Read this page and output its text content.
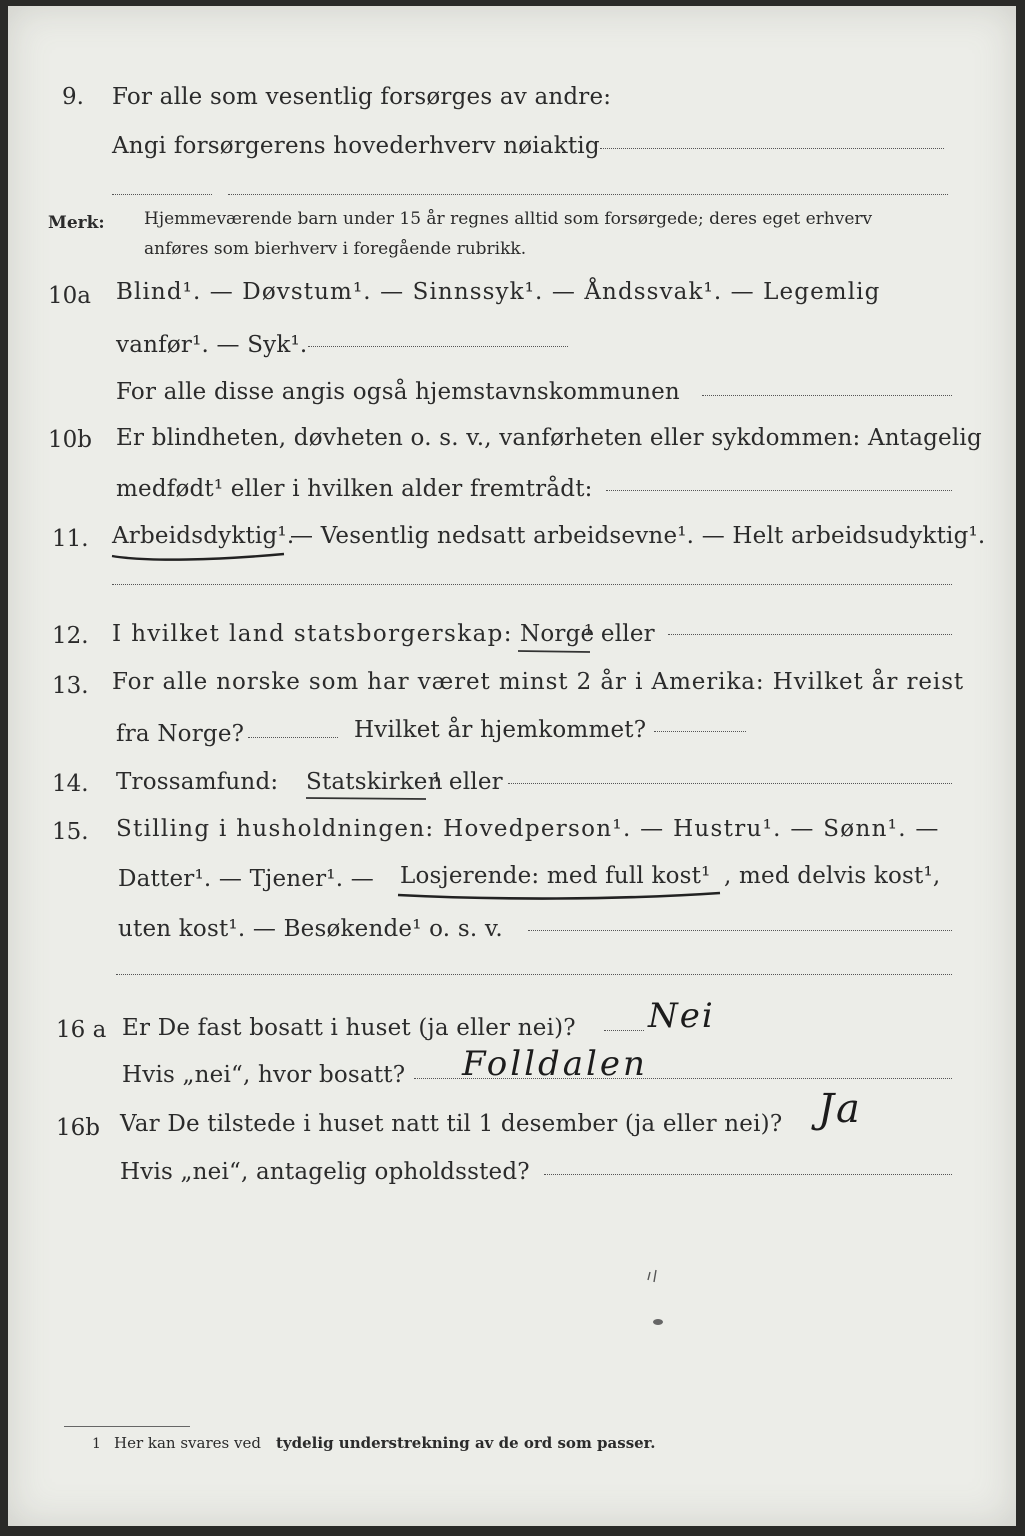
9. For alle som vesentlig forsørges av andre:
Angi forsørgerens hovederhverv nøiaktig
Merk: Hjemmeværende barn under 15 år regnes alltid som forsørgede; deres eget erhverv
anføres som bierhverv i foregående rubrikk.
10a Blind¹. — Døvstum¹. — Sinnssyk¹. — Åndssvak¹. — Legemlig
vanfør¹. — Syk¹.
For alle disse angis også hjemstavnskommunen
10b Er blindheten, døvheten o. s. v., vanførheten eller sykdommen: Antagelig
medfødt¹ eller i hvilken alder fremtrådt:
11. Arbeidsdyktig¹.
— Vesentlig nedsatt arbeidsevne¹. — Helt arbeidsudyktig¹.
12. I hvilket land statsborgerskap: Norge
¹ eller
13. For alle norske som har været minst 2 år i Amerika: Hvilket år reist
fra Norge?	Hvilket år hjemkommet?
14. Trossamfund: Statskirken
¹ eller
15. Stilling i husholdningen: Hovedperson¹. — Hustru¹. — Sønn¹. —
Datter¹. — Tjener¹. — Losjerende: med full kost¹ , med delvis kost¹,
uten kost¹. — Besøkende¹ o. s. v.
16 a Er De fast bosatt i huset (ja eller nei)? Nei
Hvis „nei“, hvor bosatt? Folldalen
16b Var De tilstede i huset natt til 1 desember (ja eller nei)? Ja
Hvis „nei“, antagelig opholdssted?
1 Her kan svares ved tydelig understrekning av de ord som passer.
